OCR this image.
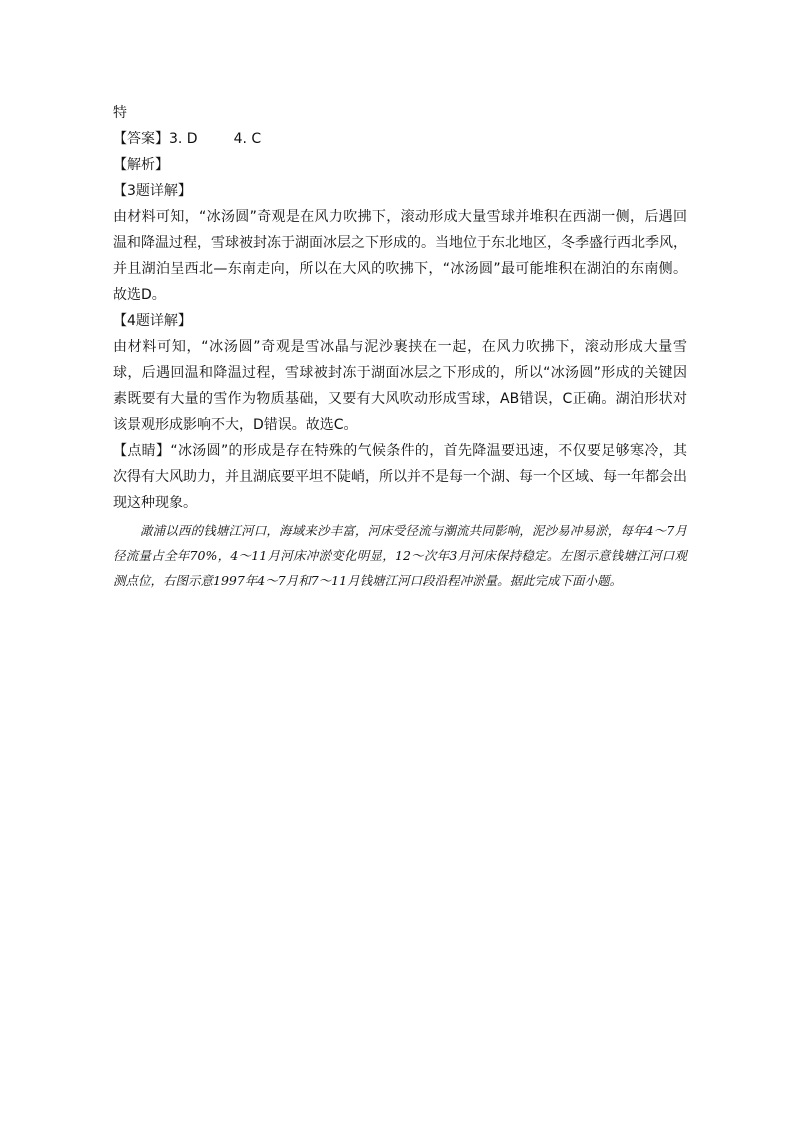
特
【答案】3. D	4. C
【解析】
【3题详解】
由材料可知，“冰汤圆”奇观是在风力吹拂下，滚动形成大量雪球并堆积在西湖一侧，后遇回温和降温过程，雪球被封冻于湖面冰层之下形成的。当地位于东北地区，冬季盛行西北季风，并且湖泊呈西北—东南走向，所以在大风的吹拂下，“冰汤圆”最可能堆积在湖泊的东南侧。故选D。
【4题详解】
由材料可知，“冰汤圆”奇观是雪冰晶与泥沙裹挟在一起，在风力吹拂下，滚动形成大量雪球，后遇回温和降温过程，雪球被封冻于湖面冰层之下形成的，所以“冰汤圆”形成的关键因素既要有大量的雪作为物质基础，又要有大风吹动形成雪球，AB错误，C正确。湖泊形状对该景观形成影响不大，D错误。故选C。
【点睛】“冰汤圆”的形成是存在特殊的气候条件的，首先降温要迅速，不仅要足够寒冷，其次得有大风助力，并且湖底要平坦不陡峭，所以并不是每一个湖、每一个区域、每一年都会出现这种现象。
澉浦以西的钱塘江河口，海域来沙丰富，河床受径流与潮流共同影响，泥沙易冲易淤，每年4～7月径流量占全年70%，4～11月河床冲淤变化明显，12～次年3月河床保持稳定。左图示意钱塘江河口观测点位，右图示意1997年4～7月和7～11月钱塘江河口段沿程冲淤量。据此完成下面小题。
